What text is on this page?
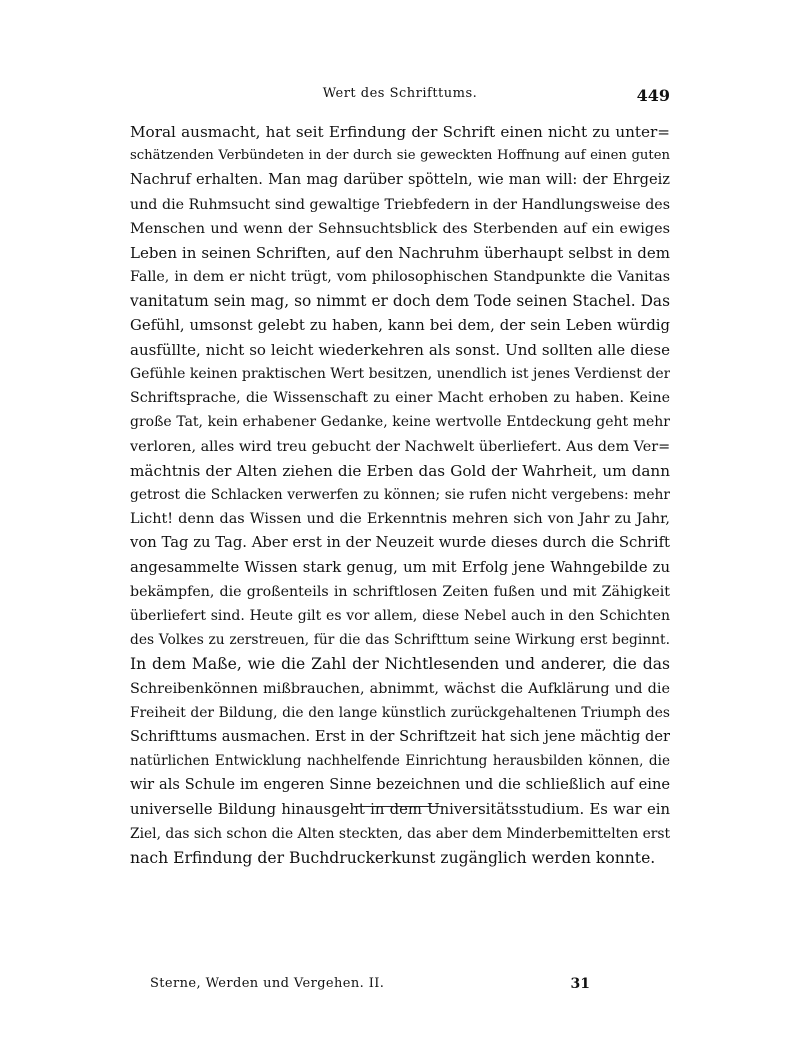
Wert des Schrifttums.	449
Moral ausmacht, hat seit Erfindung der Schrift einen nicht zu unter=
schätzenden Verbündeten in der durch sie geweckten Hoffnung auf einen guten
Nachruf erhalten. Man mag darüber spötteln, wie man will: der Ehrgeiz
und die Ruhmsucht sind gewaltige Triebfedern in der Handlungsweise des
Menschen und wenn der Sehnsuchtsblick des Sterbenden auf ein ewiges
Leben in seinen Schriften, auf den Nachruhm überhaupt selbst in dem
Falle, in dem er nicht trügt, vom philosophischen Standpunkte die Vanitas
vanitatum sein mag, so nimmt er doch dem Tode seinen Stachel. Das
Gefühl, umsonst gelebt zu haben, kann bei dem, der sein Leben würdig
ausfüllte, nicht so leicht wiederkehren als sonst. Und sollten alle diese
Gefühle keinen praktischen Wert besitzen, unendlich ist jenes Verdienst der
Schriftsprache, die Wissenschaft zu einer Macht erhoben zu haben. Keine
große Tat, kein erhabener Gedanke, keine wertvolle Entdeckung geht mehr
verloren, alles wird treu gebucht der Nachwelt überliefert. Aus dem Ver=
mächtnis der Alten ziehen die Erben das Gold der Wahrheit, um dann
getrost die Schlacken verwerfen zu können; sie rufen nicht vergebens: mehr
Licht! denn das Wissen und die Erkenntnis mehren sich von Jahr zu Jahr,
von Tag zu Tag. Aber erst in der Neuzeit wurde dieses durch die Schrift
angesammelte Wissen stark genug, um mit Erfolg jene Wahngebilde zu
bekämpfen, die großenteils in schriftlosen Zeiten fußen und mit Zähigkeit
überliefert sind. Heute gilt es vor allem, diese Nebel auch in den Schichten
des Volkes zu zerstreuen, für die das Schrifttum seine Wirkung erst beginnt.
In dem Maße, wie die Zahl der Nichtlesenden und anderer, die das
Schreibenkönnen mißbrauchen, abnimmt, wächst die Aufklärung und die
Freiheit der Bildung, die den lange künstlich zurückgehaltenen Triumph des
Schrifttums ausmachen. Erst in der Schriftzeit hat sich jene mächtig der
natürlichen Entwicklung nachhelfende Einrichtung herausbilden können, die
wir als Schule im engeren Sinne bezeichnen und die schließlich auf eine
universelle Bildung hinausgeht in dem Universitätsstudium. Es war ein
Ziel, das sich schon die Alten steckten, das aber dem Minderbemittelten erst
nach Erfindung der Buchdruckerkunst zugänglich werden konnte.
Sterne, Werden und Vergehen. II.	31
